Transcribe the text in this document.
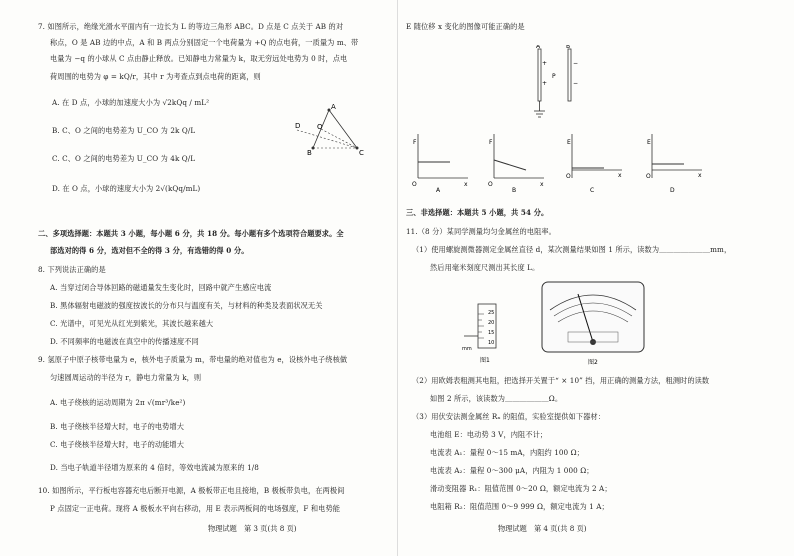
7. 如图所示，绝缘光滑水平面内有一边长为 L 的等边三角形 ABC。D 点是 C 点关于 AB 的对
称点，O 是 AB 边的中点，A 和 B 两点分别固定一个电荷量为 +Q 的点电荷，一质量为 m、带
电量为 −q 的小球从 C 点由静止释放。已知静电力常量为 k，取无穷远处电势为 0 时，点电
荷周围的电势为 φ = kQ/r，其中 r 为考查点到点电荷的距离，则
A. 在 D 点，小球的加速度大小为 √2kQq / mL²
B. C、O 之间的电势差为 U_CO 为 2k Q/L
C. C、O 之间的电势差为 U_CO 为 4k Q/L
D. 在 O 点，小球的速度大小为 2√(kQq/mL)
A
B	C
D O
二、多项选择题：本题共 3 小题，每小题 6 分，共 18 分。每小题有多个选项符合题要求。全
部选对的得 6 分，选对但不全的得 3 分，有选错的得 0 分。
8. 下列说法正确的是
A. 当穿过闭合导体回路的磁通量发生变化时，回路中就产生感应电流
B. 黑体辐射电磁波的强度按波长的分布只与温度有关，与材料的种类及表面状况无关
C. 光谱中，可见光从红光到紫光，其波长越来越大
D. 不同频率的电磁波在真空中的传播速度不同
9. 氢原子中原子核带电量为 e，核外电子质量为 m，带电量的绝对值也为 e，设核外电子绕核做
匀速圆周运动的半径为 r，静电力常量为 k，则
A. 电子绕核的运动周期为 2π √(mr³/ke²)
B. 电子绕核半径增大时，电子的电势增大
C. 电子绕核半径增大时，电子的动能增大
D. 当电子轨道半径增为原来的 4 倍时，等效电流减为原来的 1/8
10. 如图所示，平行板电容器充电后断开电源，A 极板带正电且接地，B 极板带负电，在两极间
P 点固定一正电荷。现将 A 极板水平向右移动，用 E 表示两板间的电场强度，F 和电势能
物理试题　第 3 页(共 8 页)
E 随位移 x 变化的图像可能正确的是
A	B
P
+
+
−
−
F
x
O
A
F
x
O
B
E
x
O
C
E
x
O
D
三、非选择题：本题共 5 小题，共 54 分。
11.（8 分）某同学测量均匀金属丝的电阻率。
（1）使用螺旋测微器测定金属丝直径 d，某次测量结果如图 1 所示，读数为＿＿＿＿＿＿＿mm，
然后用毫米刻度尺测出其长度 L。
25
20
15
10
mm
图1	图2
（2）用欧姆表粗测其电阻，把选择开关置于“ × 10” 挡，用正确的测量方法，粗测时的读数
如图 2 所示，该读数为＿＿＿＿＿＿Ω。
（3）用伏安法测金属丝 Rₓ 的阻值，实验室提供如下器材：
电池组 E：电动势 3 V，内阻不计；
电流表 A₁：量程 0～15 mA，内阻约 100 Ω；
电流表 A₂：量程 0～300 μA，内阻为 1 000 Ω；
滑动变阻器 R₁：阻值范围 0～20 Ω，额定电流为 2 A；
电阻箱 R₂：阻值范围 0～9 999 Ω，额定电流为 1 A；
物理试题　第 4 页(共 8 页)
